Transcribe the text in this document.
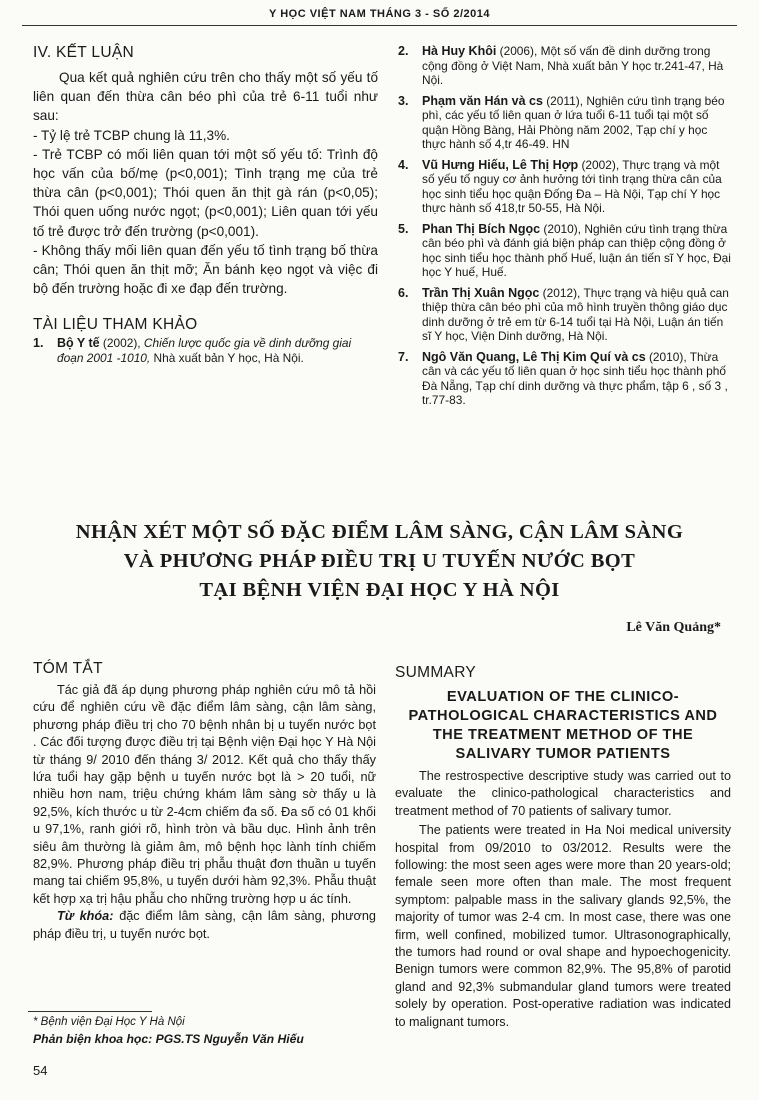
Y HỌC VIỆT NAM THÁNG 3 - SỐ 2/2014
IV. KẾT LUẬN

Qua kết quả nghiên cứu trên cho thấy một số yếu tố liên quan đến thừa cân béo phì của trẻ 6-11 tuổi như sau:

- Tỷ lệ trẻ TCBP chung là 11,3%.

- Trẻ TCBP có mối liên quan tới một số yếu tố: Trình độ học vấn của bố/mẹ (p<0,001); Tình trạng mẹ của trẻ thừa cân (p<0,001); Thói quen ăn thịt gà rán (p<0,05); Thói quen uống nước ngọt; (p<0,001); Liên quan tới yếu tố trẻ được trở đến trường (p<0,001).

- Không thấy mối liên quan đến yếu tố tình trạng bố thừa cân; Thói quen ăn thịt mỡ; Ăn bánh kẹo ngọt và việc đi bộ đến trường hoặc đi xe đạp đến trường.

TÀI LIỆU THAM KHẢO
1.	Bộ Y tế (2002), Chiến lược quốc gia về dinh dưỡng giai đoạn 2001 -1010, Nhà xuất bản Y học, Hà Nội.
2.	Hà Huy Khôi (2006), Một số vấn đề dinh dưỡng trong cộng đồng ở Việt Nam, Nhà xuất bản Y học tr.241-47, Hà Nội.
3.	Phạm văn Hán và cs (2011), Nghiên cứu tình trạng béo phì, các yếu tố liên quan ở lứa tuổi 6-11 tuổi tại một số quận Hồng Bàng, Hải Phòng năm 2002, Tạp chí y học thực hành số 4,tr 46-49. HN
4.	Vũ Hưng Hiếu, Lê Thị Hợp (2002), Thực trạng và một số yếu tố nguy cơ ảnh hưởng tới tình trạng thừa cân của học sinh tiểu học quận Đống Đa – Hà Nội, Tạp chí Y học thực hành số 418,tr 50-55, Hà Nội.
5.	Phan Thị Bích Ngọc (2010), Nghiên cứu tình trạng thừa cân béo phì và đánh giá biện pháp can thiệp cộng đồng ở học sinh tiểu học thành phố Huế, luận án tiến sĩ Y học, Đại học Y huế, Huế.
6.	Trần Thị Xuân Ngọc (2012), Thực trạng và hiệu quả can thiệp thừa cân béo phì của mô hình truyền thông giáo dục dinh dưỡng ở trẻ em từ 6-14 tuổi tại Hà Nội, Luận án tiến sĩ Y học, Viện Dinh dưỡng, Hà Nội.
7.	Ngô Văn Quang, Lê Thị Kim Quí và cs (2010), Thừa cân và các yếu tố liên quan ở học sinh tiểu học thành phố Đà Nẵng, Tạp chí dinh dưỡng và thực phẩm, tập 6 , số 3 , tr.77-83.
NHẬN XÉT MỘT SỐ ĐẶC ĐIỂM LÂM SÀNG, CẬN LÂM SÀNG
VÀ PHƯƠNG PHÁP ĐIỀU TRỊ U TUYẾN NƯỚC BỌT
TẠI BỆNH VIỆN ĐẠI HỌC Y HÀ NỘI
Lê Văn Quảng*
TÓM TẮT

Tác giả đã áp dụng phương pháp nghiên cứu mô tả hồi cứu để nghiên cứu về đặc điểm lâm sàng, cận lâm sàng, phương pháp điều trị cho 70 bệnh nhân bị u tuyến nước bọt . Các đối tượng được điều trị tại Bệnh viện Đại học Y Hà Nội từ tháng 9/ 2010 đến tháng 3/ 2012. Kết quả cho thấy thấy lứa tuổi hay gặp bệnh u tuyến nước bọt là > 20 tuổi, nữ nhiều hơn nam, triệu chứng khám lâm sàng sờ thấy u là 92,5%, kích thước u từ 2-4cm chiếm đa số. Đa số có 01 khối u 97,1%, ranh giới rõ, hình tròn và bầu dục. Hình ảnh trên siêu âm thường là giảm âm, mô bệnh học lành tính chiếm 82,9%. Phương pháp điều trị phẫu thuật đơn thuần u tuyến mang tai chiếm 95,8%, u tuyến dưới hàm 92,3%. Phẫu thuật kết hợp xạ trị hậu phẫu cho những trường hợp u ác tính.

Từ khóa: đặc điểm lâm sàng, cận lâm sàng, phương pháp điều trị, u tuyến nước bọt.

SUMMARY
EVALUATION OF THE CLINICO-
PATHOLOGICAL CHARACTERISTICS AND
THE TREATMENT METHOD OF THE
SALIVARY TUMOR PATIENTS

The restrospective descriptive study was carried out to evaluate the clinico-pathological characteristics and treatment method of 70 patients of salivary tumor.

The patients were treated in Ha Noi medical university hospital from 09/2010 to 03/2012. Results were the following: the most seen ages were more than 20 years-old; female seen more often than male. The most frequent symptom: palpable mass in the salivary glands 92,5%, the majority of tumor was 2-4 cm. In most case, there was one firm, well confined, mobilized tumor. Ultrasonographically, the tumors had round or oval shape and hypoechogenicity. Benign tumors were common 82,9%. The 95,8% of parotid gland and 92,3% submandular gland tumors were treated solely by operation. Post-operative radiation was indicated to malignant tumors.

* Bệnh viện Đại Học Y Hà Nội
Phản biện khoa học: PGS.TS Nguyễn Văn Hiếu
54
